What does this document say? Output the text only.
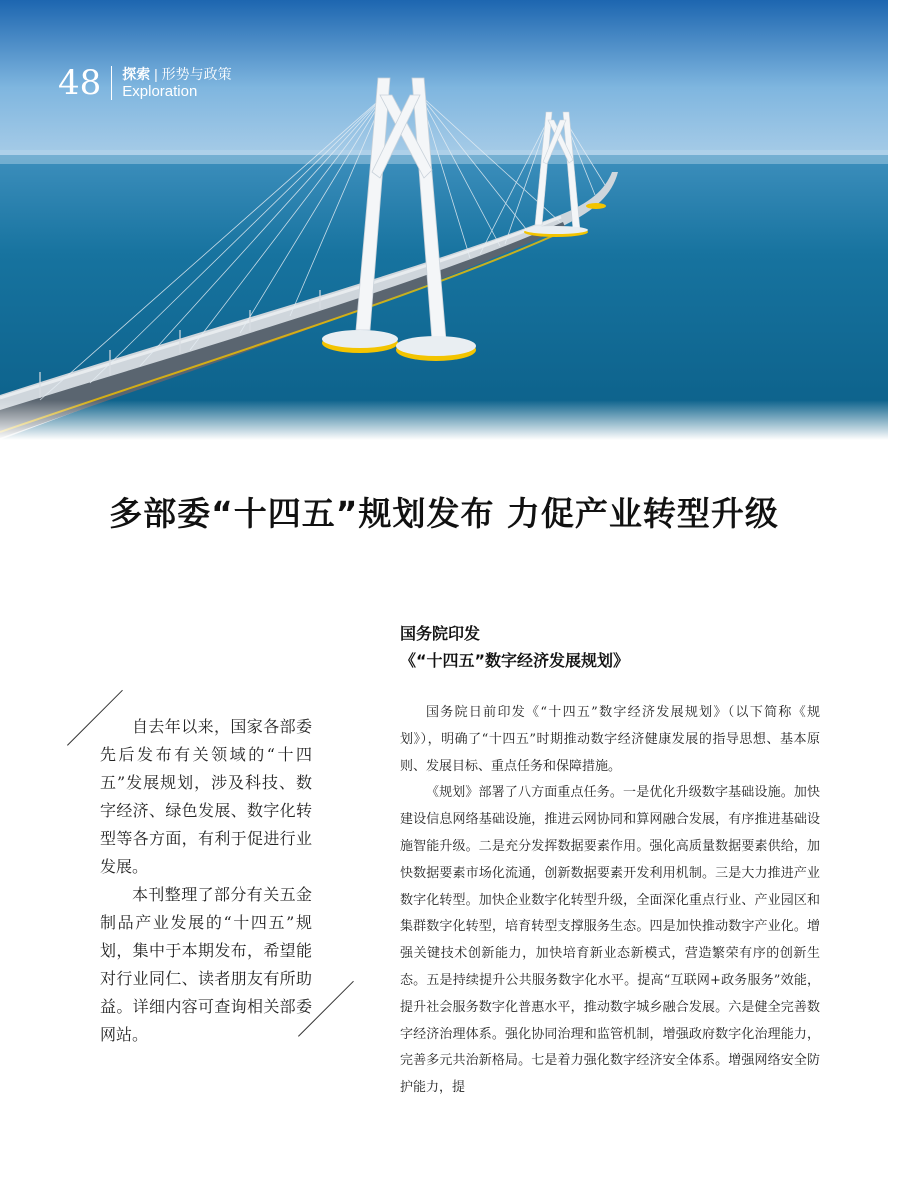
48 探索 | 形势与政策
Exploration
多部委“十四五”规划发布 力促产业转型升级

自去年以来，国家各部委先后发布有关领域的“十四五”发展规划，涉及科技、数字经济、绿色发展、数字化转型等各方面，有利于促进行业发展。

本刊整理了部分有关五金制品产业发展的“十四五”规划，集中于本期发布，希望能对行业同仁、读者朋友有所助益。详细内容可查询相关部委网站。

国务院印发
《“十四五”数字经济发展规划》

国务院日前印发《“十四五”数字经济发展规划》（以下简称《规划》），明确了“十四五”时期推动数字经济健康发展的指导思想、基本原则、发展目标、重点任务和保障措施。

《规划》部署了八方面重点任务。一是优化升级数字基础设施。加快建设信息网络基础设施，推进云网协同和算网融合发展，有序推进基础设施智能升级。二是充分发挥数据要素作用。强化高质量数据要素供给，加快数据要素市场化流通，创新数据要素开发利用机制。三是大力推进产业数字化转型。加快企业数字化转型升级，全面深化重点行业、产业园区和集群数字化转型，培育转型支撑服务生态。四是加快推动数字产业化。增强关键技术创新能力，加快培育新业态新模式，营造繁荣有序的创新生态。五是持续提升公共服务数字化水平。提高“互联网+政务服务”效能，提升社会服务数字化普惠水平，推动数字城乡融合发展。六是健全完善数字经济治理体系。强化协同治理和监管机制，增强政府数字化治理能力，完善多元共治新格局。七是着力强化数字经济安全体系。增强网络安全防护能力，提
